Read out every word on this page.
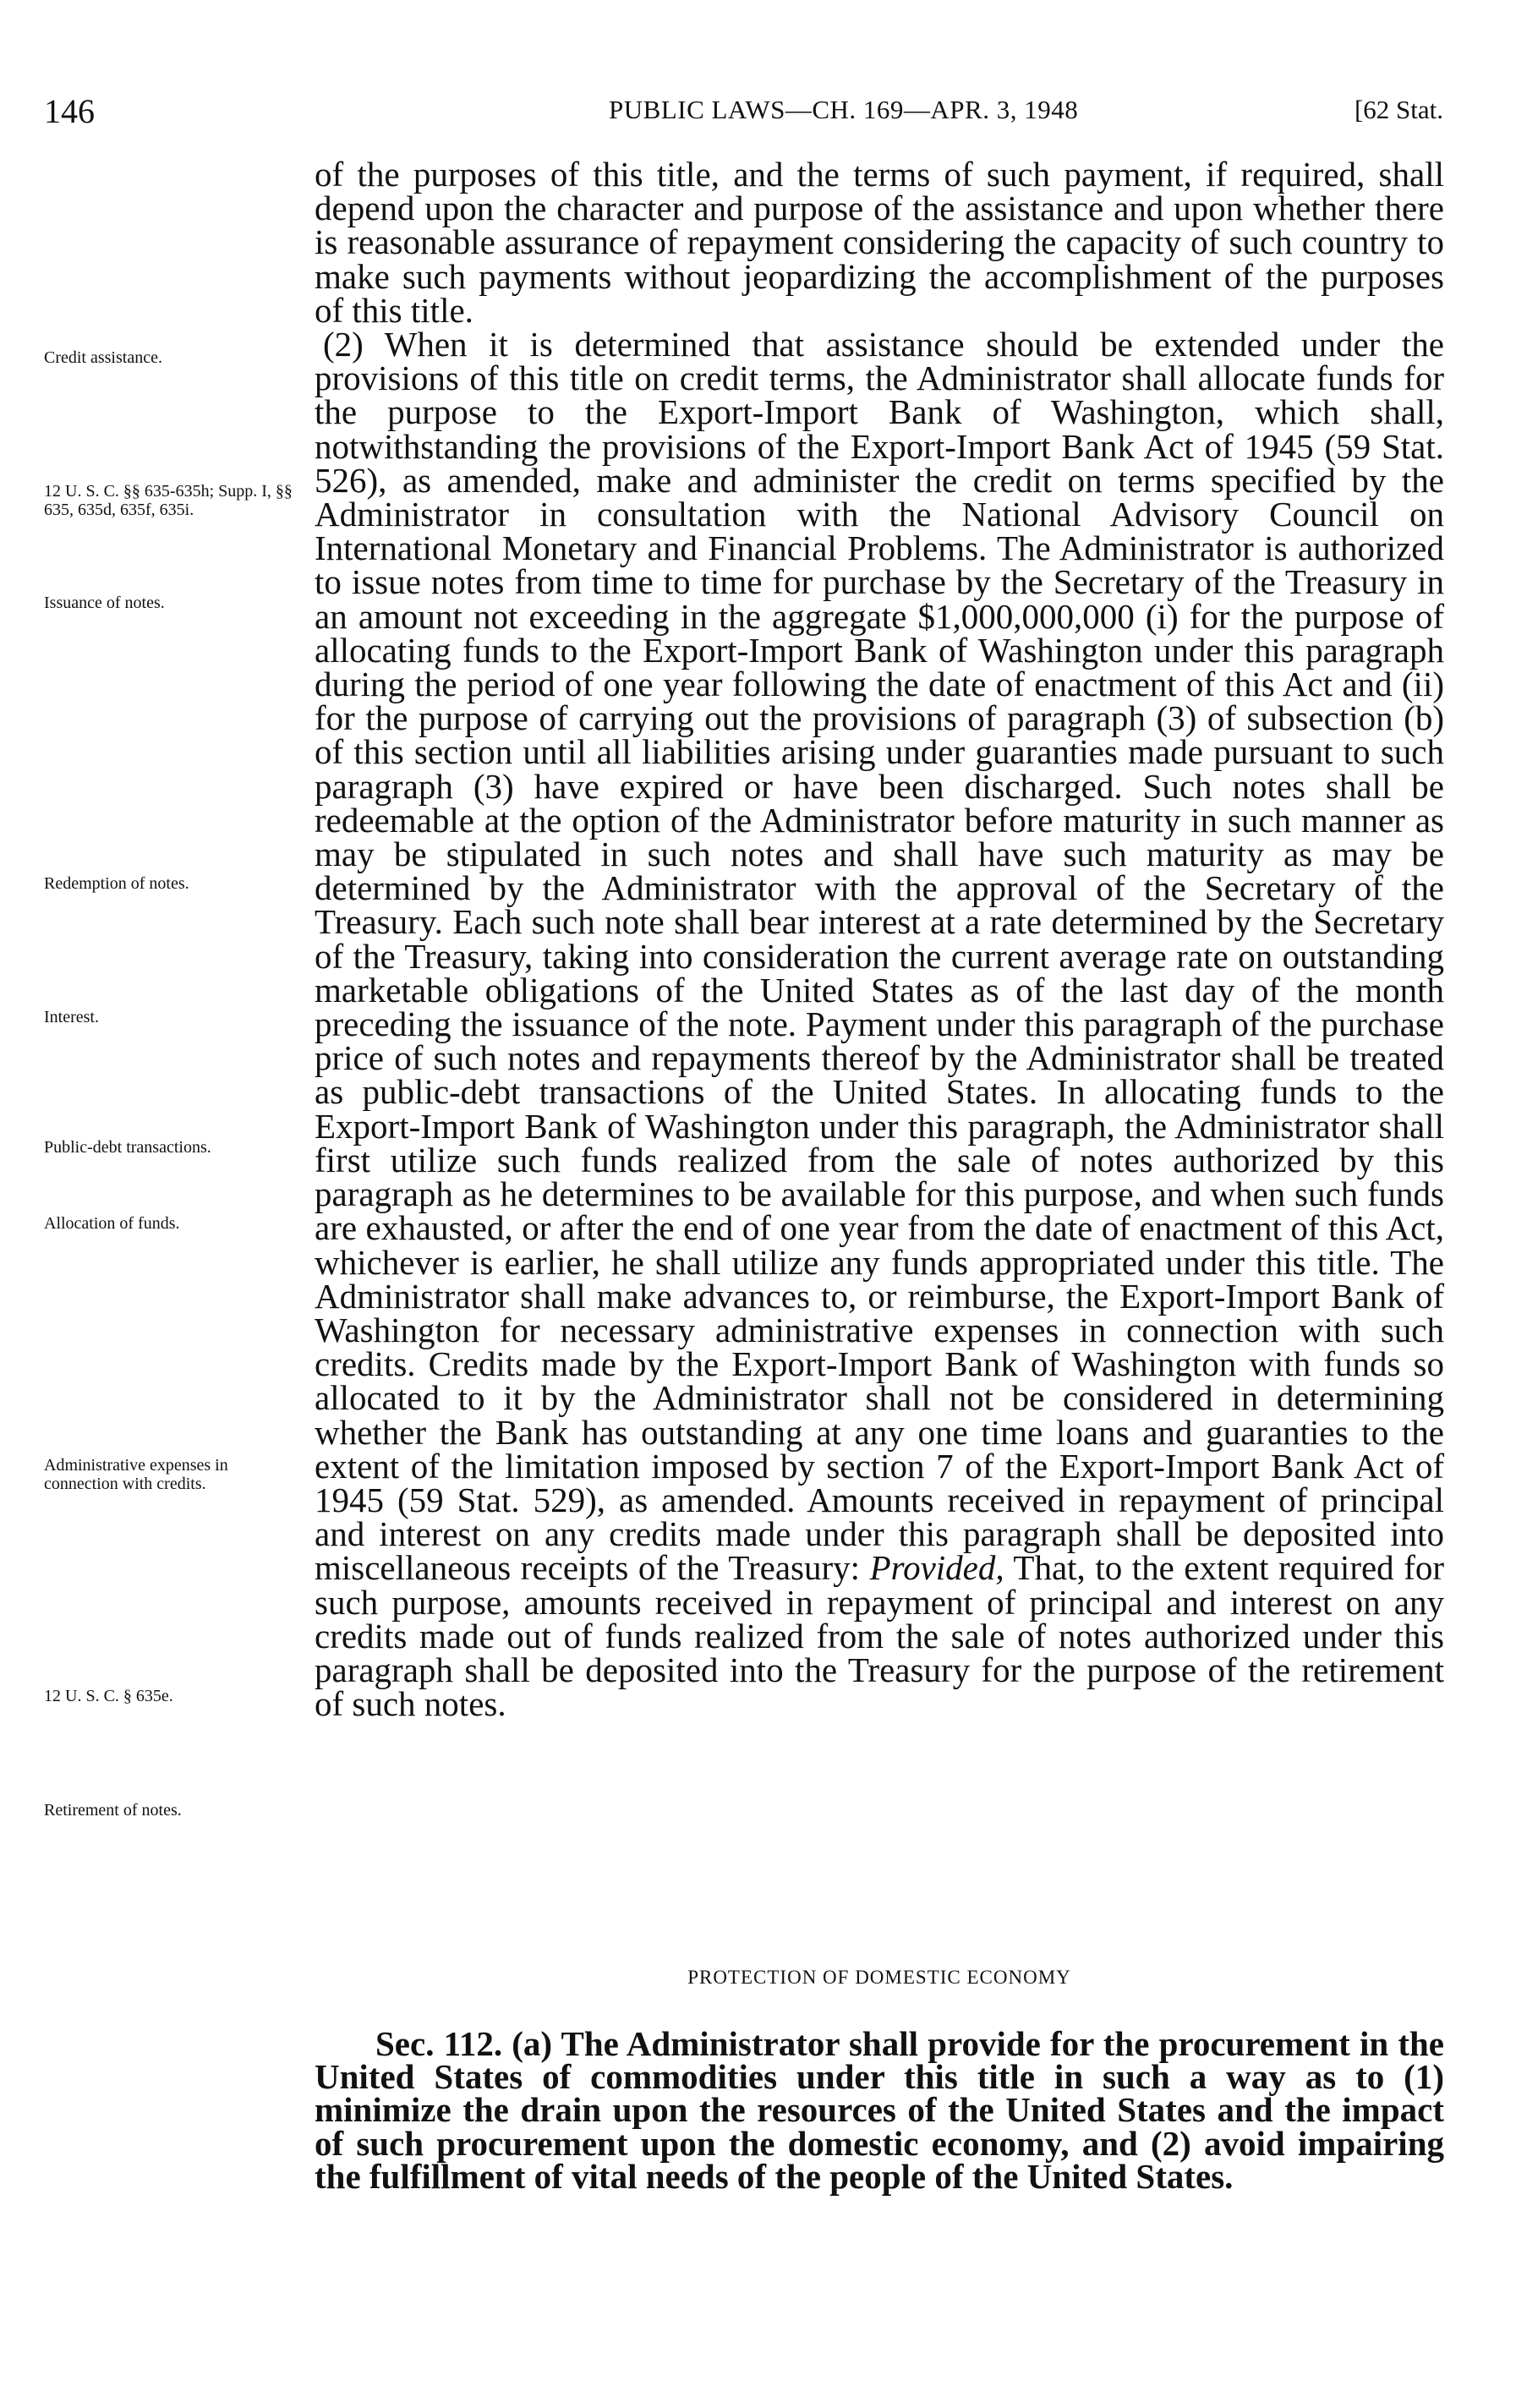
146	PUBLIC LAWS—CH. 169—APR. 3, 1948	[62 Stat.
Credit assistance.
12 U. S. C. §§ 635-635h; Supp. I, §§ 635, 635d, 635f, 635i.
Issuance of notes.
Redemption of notes.
Interest.
Public-debt transactions.
Allocation of funds.
Administrative expenses in connection with credits.
12 U. S. C. § 635e.
Retirement of notes.

of the purposes of this title, and the terms of such payment, if required, shall depend upon the character and purpose of the assistance and upon whether there is reasonable assurance of repayment considering the capacity of such country to make such payments without jeopardizing the accomplishment of the purposes of this title.

(2) When it is determined that assistance should be extended under the provisions of this title on credit terms, the Administrator shall allocate funds for the purpose to the Export-Import Bank of Washington, which shall, notwithstanding the provisions of the Export-Import Bank Act of 1945 (59 Stat. 526), as amended, make and administer the credit on terms specified by the Administrator in consultation with the National Advisory Council on International Monetary and Financial Problems. The Administrator is authorized to issue notes from time to time for purchase by the Secretary of the Treasury in an amount not exceeding in the aggregate $1,000,000,000 (i) for the purpose of allocating funds to the Export-Import Bank of Washington under this paragraph during the period of one year following the date of enactment of this Act and (ii) for the purpose of carrying out the provisions of paragraph (3) of subsection (b) of this section until all liabilities arising under guaranties made pursuant to such paragraph (3) have expired or have been discharged. Such notes shall be redeemable at the option of the Administrator before maturity in such manner as may be stipulated in such notes and shall have such maturity as may be determined by the Administrator with the approval of the Secretary of the Treasury. Each such note shall bear interest at a rate determined by the Secretary of the Treasury, taking into consideration the current average rate on outstanding marketable obligations of the United States as of the last day of the month preceding the issuance of the note. Payment under this paragraph of the purchase price of such notes and repayments thereof by the Administrator shall be treated as public-debt transactions of the United States. In allocating funds to the Export-Import Bank of Washington under this paragraph, the Administrator shall first utilize such funds realized from the sale of notes authorized by this paragraph as he determines to be available for this purpose, and when such funds are exhausted, or after the end of one year from the date of enactment of this Act, whichever is earlier, he shall utilize any funds appropriated under this title. The Administrator shall make advances to, or reimburse, the Export-Import Bank of Washington for necessary administrative expenses in connection with such credits. Credits made by the Export-Import Bank of Washington with funds so allocated to it by the Administrator shall not be considered in determining whether the Bank has outstanding at any one time loans and guaranties to the extent of the limitation imposed by section 7 of the Export-Import Bank Act of 1945 (59 Stat. 529), as amended. Amounts received in repayment of principal and interest on any credits made under this paragraph shall be deposited into miscellaneous receipts of the Treasury: Provided, That, to the extent required for such purpose, amounts received in repayment of principal and interest on any credits made out of funds realized from the sale of notes authorized under this paragraph shall be deposited into the Treasury for the purpose of the retirement of such notes.

PROTECTION OF DOMESTIC ECONOMY

Sec. 112. (a) The Administrator shall provide for the procurement in the United States of commodities under this title in such a way as to (1) minimize the drain upon the resources of the United States and the impact of such procurement upon the domestic economy, and (2) avoid impairing the fulfillment of vital needs of the people of the United States.
